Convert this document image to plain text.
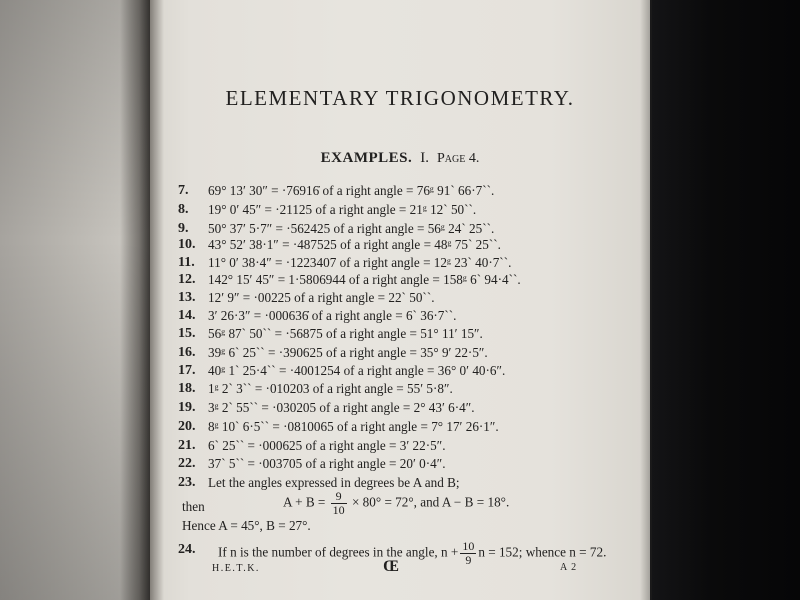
ELEMENTARY TRIGONOMETRY.
EXAMPLES. I. Page 4.
7.	69° 13′ 30″ = ·76916̇ of a right angle = 76ᵍ 91ˋ 66·7ˋˋ.
8.	19° 0′ 45″ = ·21125 of a right angle = 21ᵍ 12ˋ 50ˋˋ.
9.	50° 37′ 5·7″ = ·562425 of a right angle = 56ᵍ 24ˋ 25ˋˋ.
10. 43° 52′ 38·1″ = ·487525 of a right angle = 48ᵍ 75ˋ 25ˋˋ.
11.	11° 0′ 38·4″ = ·1223407 of a right angle = 12ᵍ 23ˋ 40·7ˋˋ.
12. 142° 15′ 45″ = 1·5806944 of a right angle = 158ᵍ 6ˋ 94·4ˋˋ.
13. 12′ 9″ = ·00225 of a right angle = 22ˋ 50ˋˋ.
14. 3′ 26·3″ = ·000636̇ of a right angle = 6ˋ 36·7ˋˋ.
15. 56ᵍ 87ˋ 50ˋˋ = ·56875 of a right angle = 51° 11′ 15″.
16. 39ᵍ 6ˋ 25ˋˋ = ·390625 of a right angle = 35° 9′ 22·5″.
17. 40ᵍ 1ˋ 25·4ˋˋ = ·4001254 of a right angle = 36° 0′ 40·6″.
18. 1ᵍ 2ˋ 3ˋˋ = ·010203 of a right angle = 55′ 5·8″.
19. 3ᵍ 2ˋ 55ˋˋ = ·030205 of a right angle = 2° 43′ 6·4″.
20. 8ᵍ 10ˋ 6·5ˋˋ = ·0810065 of a right angle = 7° 17′ 26·1″.
21. 6ˋ 25ˋˋ = ·000625 of a right angle = 3′ 22·5″.
22. 37ˋ 5ˋˋ = ·003705 of a right angle = 20′ 0·4″.
23. Let the angles expressed in degrees be A and B;
then	$A + B = \frac{9}{10} \times 80^\circ = 72^\circ$, and A − B = 18°.
Hence A = 45°, B = 27°.
24.	If n is the number of degrees in the angle, $n + \frac{10}{9}$ n = 152; whence n = 72.
H.E.T.K.	Œ	A 2
